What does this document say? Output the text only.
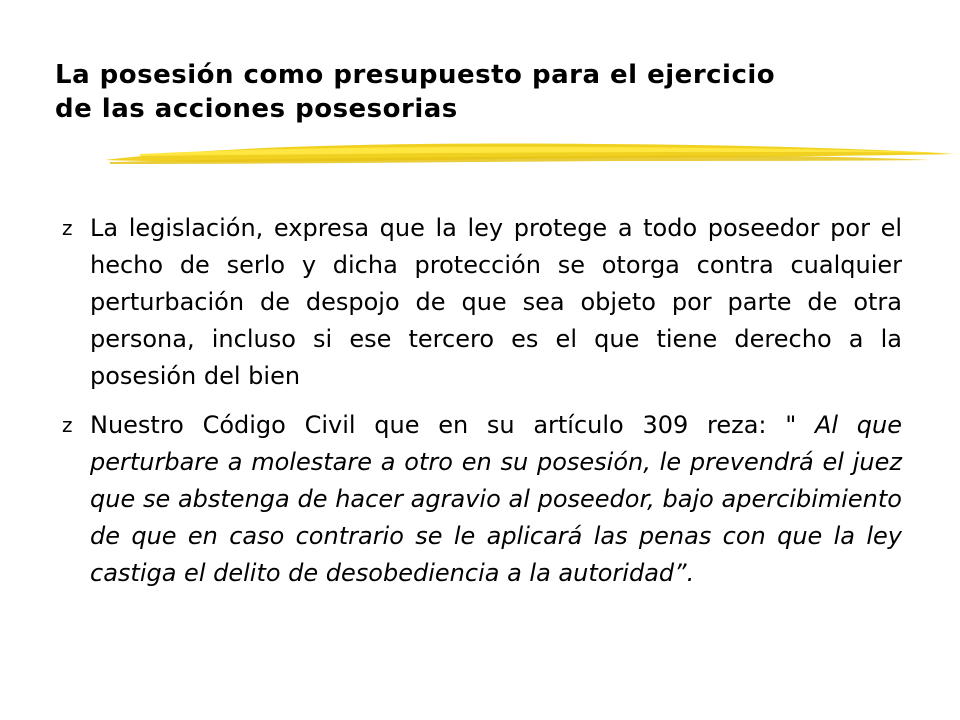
La posesión como presupuesto para el ejercicio
de las acciones posesorias
z La legislación, expresa que la ley protege a todo poseedor por el hecho de serlo y dicha protección se otorga contra cualquier perturbación de despojo de que sea objeto por parte de otra persona, incluso si ese tercero es el que tiene derecho a la posesión del bien
z Nuestro Código Civil que en su artículo 309 reza: " Al que perturbare a molestare a otro en su posesión, le prevendrá el juez que se abstenga de hacer agravio al poseedor, bajo apercibimiento de que en caso contrario se le aplicará las penas con que la ley castiga el delito de desobediencia a la autoridad”.
